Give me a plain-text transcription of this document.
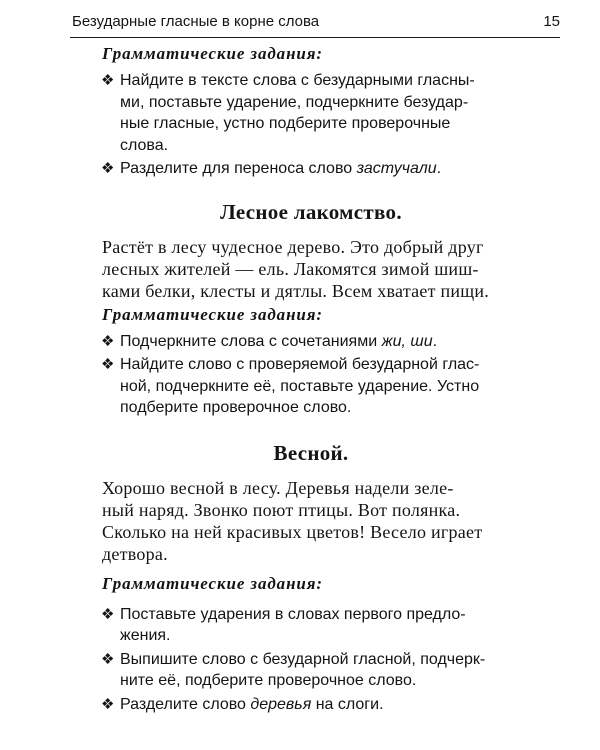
Безударные гласные в корне слова	15

Грамматические задания:

❖ Найдите в тексте слова с безударными гласны-
ми, поставьте ударение, подчеркните безудар-
ные гласные, устно подберите проверочные
слова.
❖ Разделите для переноса слово застучали.
Лесное лакомство.

Растёт в лесу чудесное дерево. Это добрый друг
лесных жителей — ель. Лакомятся зимой шиш-
ками белки, клесты и дятлы. Всем хватает пищи.

Грамматические задания:

❖ Подчеркните слова с сочетаниями жи, ши.
❖ Найдите слово с проверяемой безударной глас-
ной, подчеркните её, поставьте ударение. Устно
подберите проверочное слово.
Весной.

Хорошо весной в лесу. Деревья надели зеле-
ный наряд. Звонко поют птицы. Вот полянка.
Сколько на ней красивых цветов! Весело играет
детвора.

Грамматические задания:

❖ Поставьте ударения в словах первого предло-
жения.
❖ Выпишите слово с безударной гласной, подчерк-
ните её, подберите проверочное слово.
❖ Разделите слово деревья на слоги.
